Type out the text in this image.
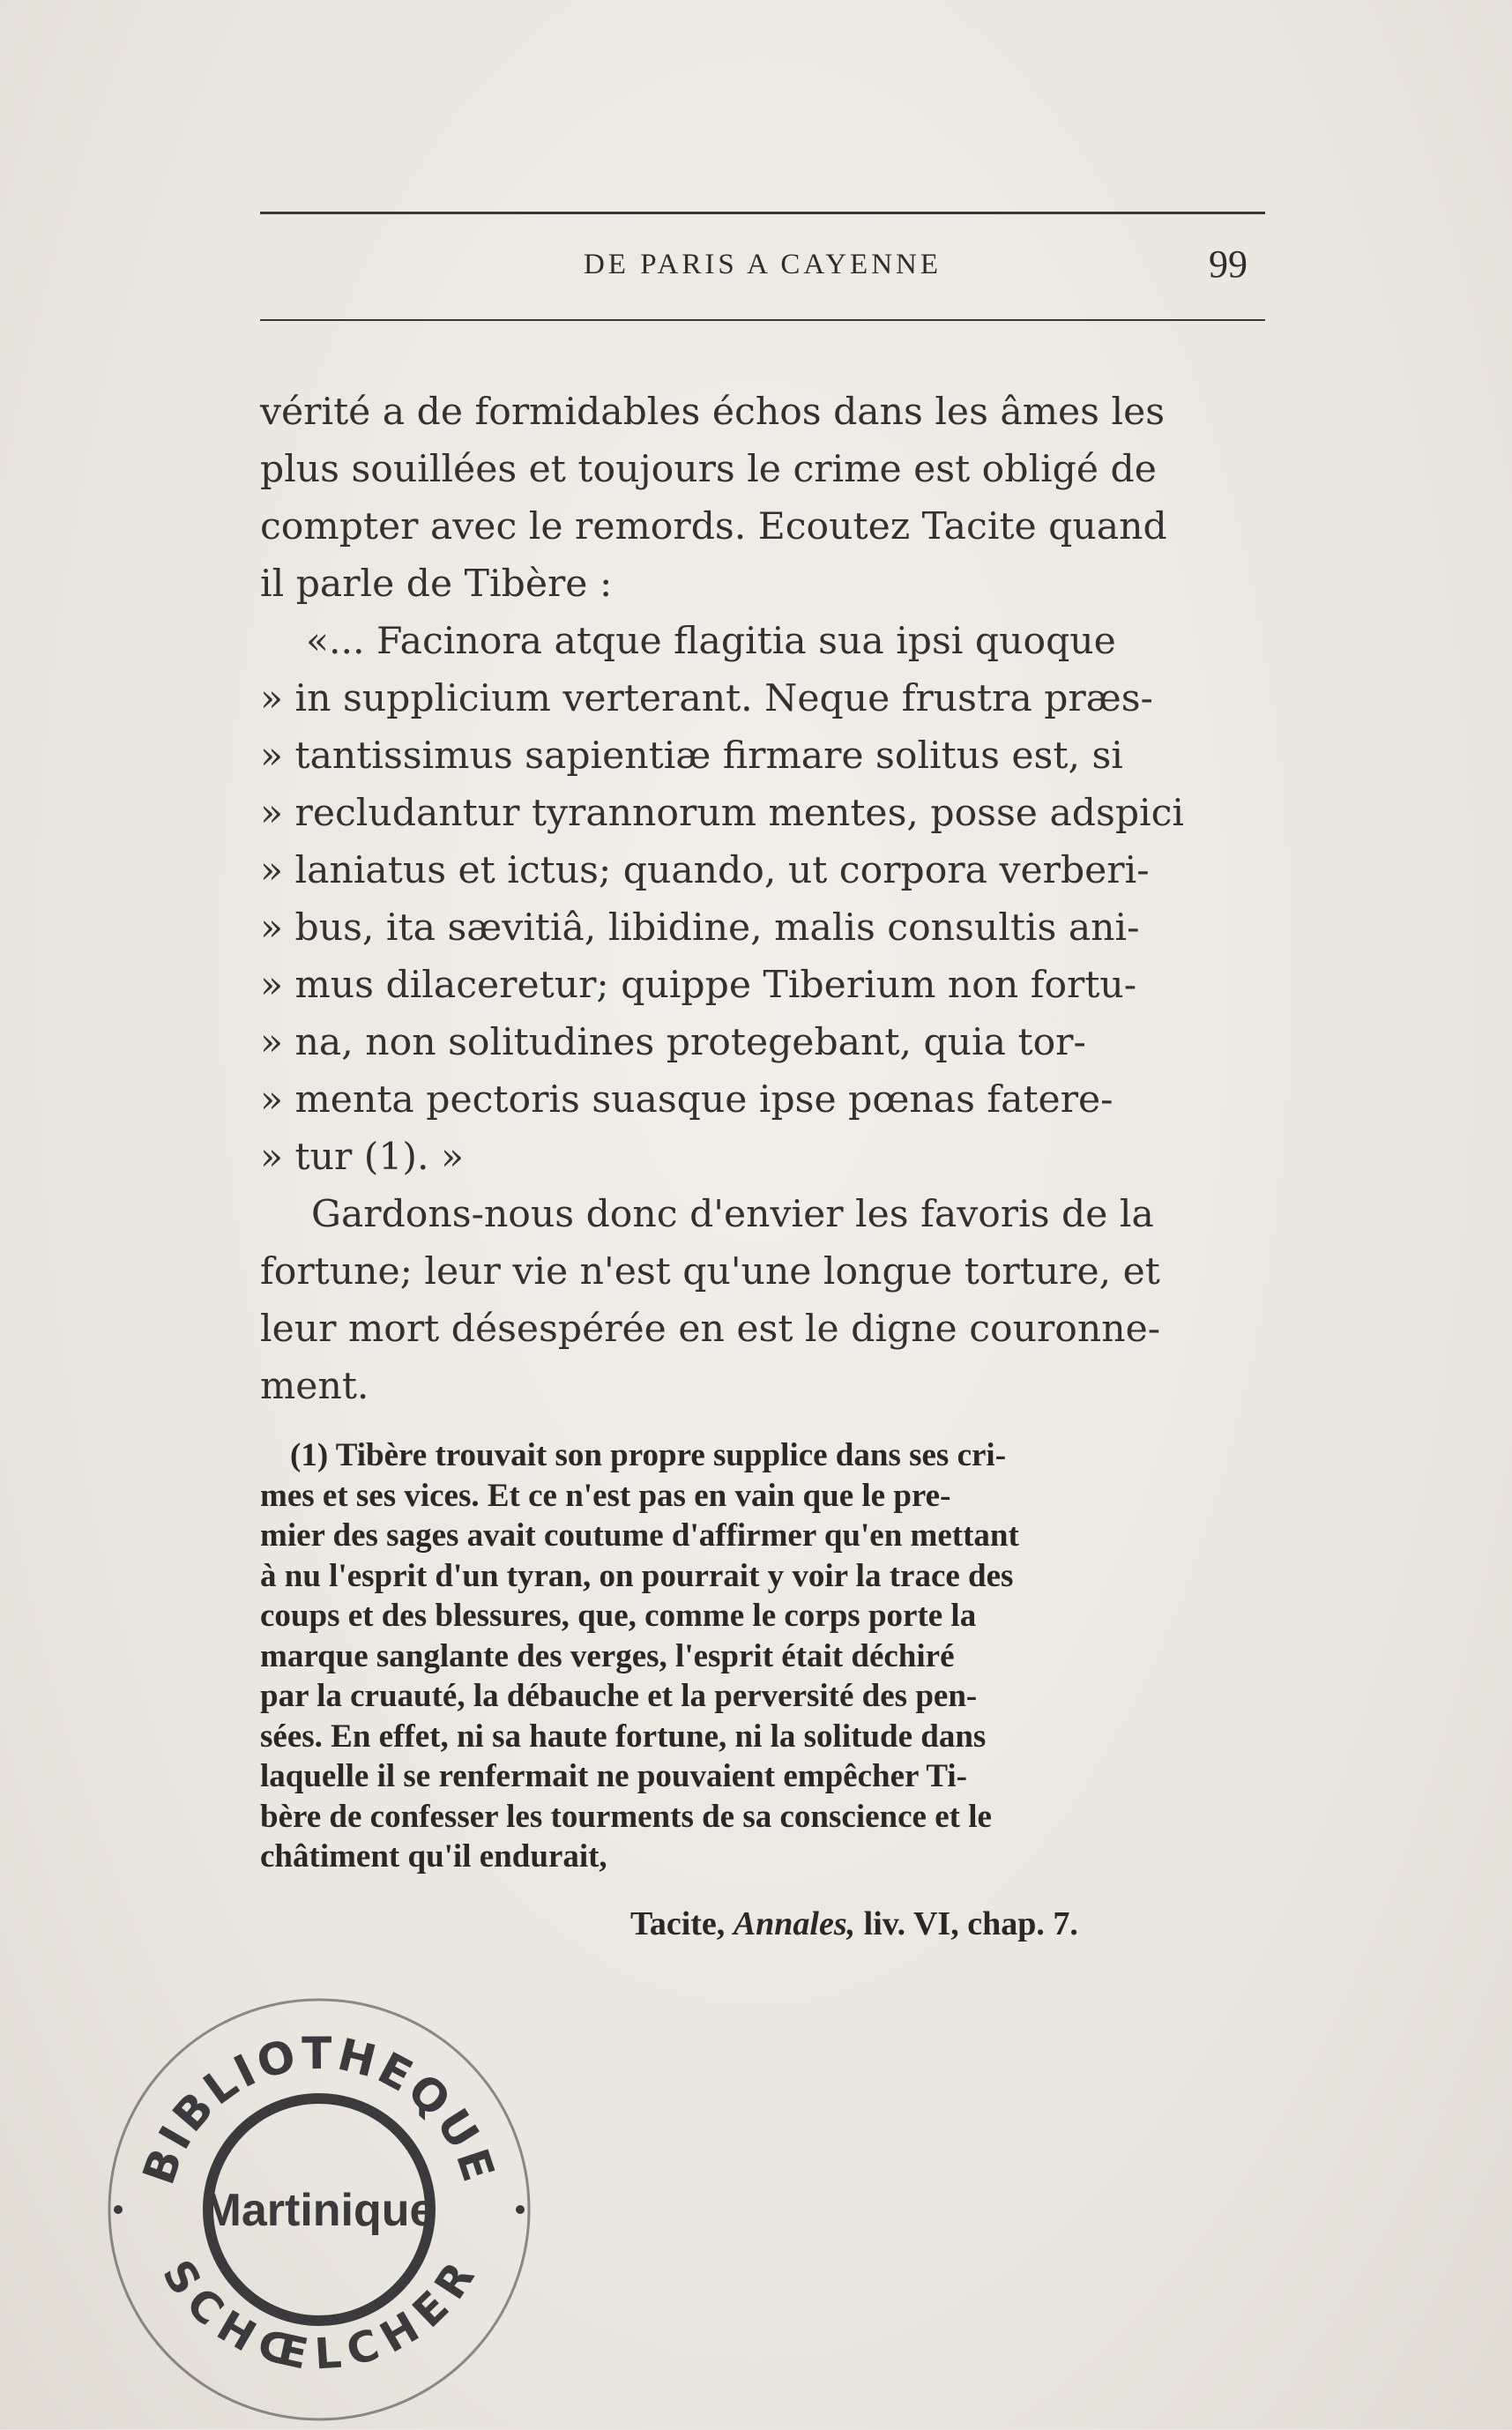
DE PARIS A CAYENNE	99
vérité a de formidables échos dans les âmes les
plus souillées et toujours le crime est obligé de
compter avec le remords. Ecoutez Tacite quand
il parle de Tibère :
«... Facinora atque flagitia sua ipsi quoque
» in supplicium verterant. Neque frustra præs-
» tantissimus sapientiæ firmare solitus est, si
» recludantur tyrannorum mentes, posse adspici
» laniatus et ictus; quando, ut corpora verberi-
» bus, ita sævitiâ, libidine, malis consultis ani-
» mus dilaceretur; quippe Tiberium non fortu-
» na, non solitudines protegebant, quia tor-
» menta pectoris suasque ipse pœnas fatere-
» tur (1). »
Gardons-nous donc d'envier les favoris de la
fortune; leur vie n'est qu'une longue torture, et
leur mort désespérée en est le digne couronne-
ment.
(1) Tibère trouvait son propre supplice dans ses cri-
mes et ses vices. Et ce n'est pas en vain que le pre-
mier des sages avait coutume d'affirmer qu'en mettant
à nu l'esprit d'un tyran, on pourrait y voir la trace des
coups et des blessures, que, comme le corps porte la
marque sanglante des verges, l'esprit était déchiré
par la cruauté, la débauche et la perversité des pen-
sées. En effet, ni sa haute fortune, ni la solitude dans
laquelle il se renfermait ne pouvaient empêcher Ti-
bère de confesser les tourments de sa conscience et le
châtiment qu'il endurait,
Tacite, Annales, liv. VI, chap. 7.
BIBLIOTHEQUE
SCHŒLCHER
Martinique
